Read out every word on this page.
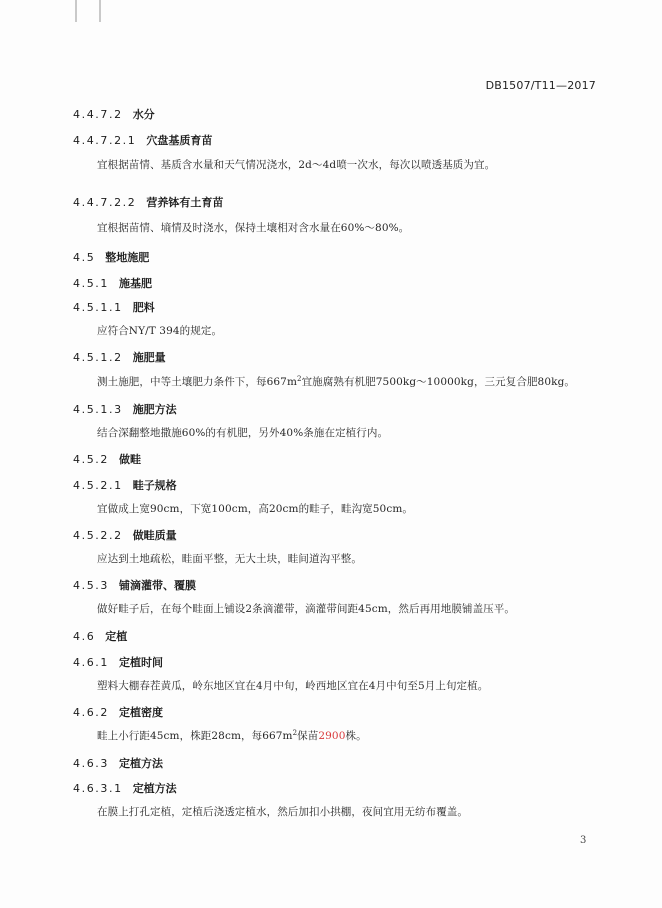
DB1507/T11—2017
4.4.7.2 水分
4.4.7.2.1 穴盘基质育苗
宜根据苗情、基质含水量和天气情况浇水，2d～4d喷一次水，每次以喷透基质为宜。
4.4.7.2.2 营养钵有土育苗
宜根据苗情、墒情及时浇水，保持土壤相对含水量在60%～80%。
4.5 整地施肥
4.5.1 施基肥
4.5.1.1 肥料
应符合NY/T 394的规定。
4.5.1.2 施肥量
测土施肥，中等土壤肥力条件下，每$667m^2$宜施腐熟有机肥7500kg～10000kg，三元复合肥80kg。
4.5.1.3 施肥方法
结合深翻整地撒施60%的有机肥，另外40%条施在定植行内。
4.5.2 做畦
4.5.2.1 畦子规格
宜做成上宽90cm，下宽100cm，高20cm的畦子，畦沟宽50cm。
4.5.2.2 做畦质量
应达到土地疏松，畦面平整，无大土块，畦间道沟平整。
4.5.3 铺滴灌带、覆膜
做好畦子后，在每个畦面上铺设2条滴灌带，滴灌带间距45cm，然后再用地膜铺盖压平。
4.6 定植
4.6.1 定植时间
塑料大棚春茬黄瓜，岭东地区宜在4月中旬，岭西地区宜在4月中旬至5月上旬定植。
4.6.2 定植密度
畦上小行距45cm，株距28cm，每$667m^2$保苗2900株。
4.6.3 定植方法
4.6.3.1 定植方法
在膜上打孔定植，定植后浇透定植水，然后加扣小拱棚，夜间宜用无纺布覆盖。
3
